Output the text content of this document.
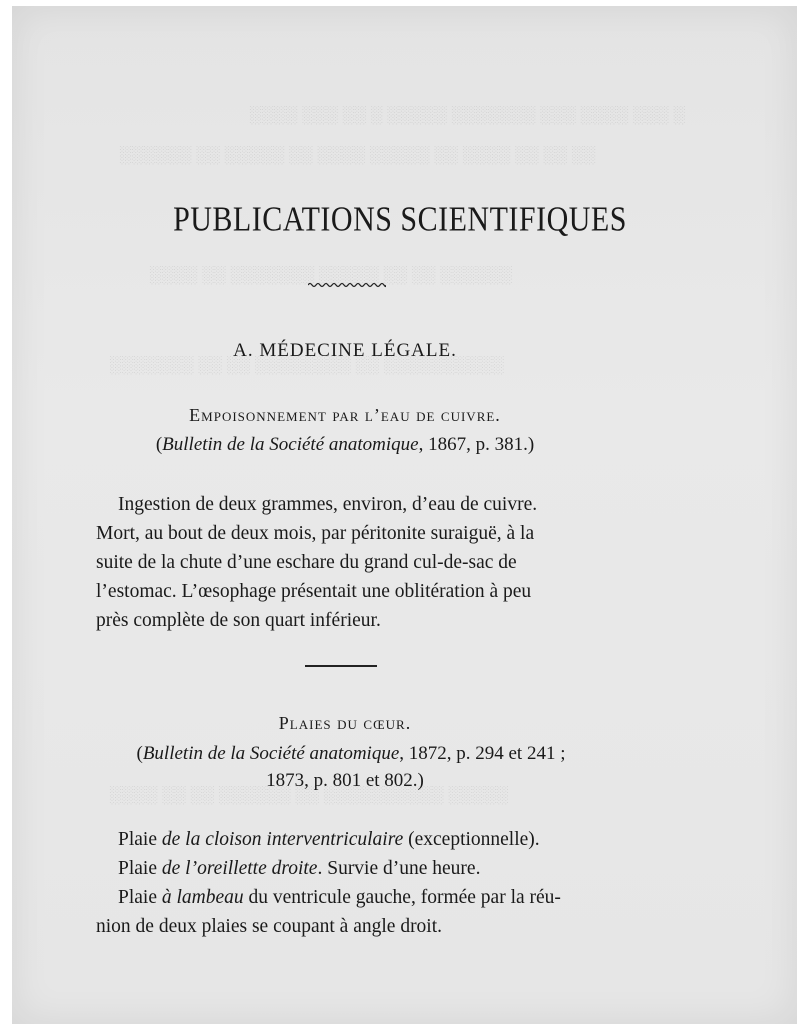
░ ░░░ ░░░░ ░░░ ░░░░░░░ ░░░░░ ░ ░░ ░░░ ░░░░
░░ ░░ ░░ ░░░░ ░░ ░░░░░ ░░░░ ░░ ░░░░░ ░░ ░░░░░░
░░░░░░ ░░ ░░ ░░░░░ ░░░░░░░ ░░ ░░░░
░░░░░░░░░░ ░░ ░░░░░░░░ ░░ ░░ ░░░░░░░
░░░░░ ░░░░░░░░░░ ░░ ░░░░░░ ░░ ░░ ░░░░
PUBLICATIONS SCIENTIFIQUES
A. MÉDECINE LÉGALE.
Empoisonnement par l’eau de cuivre.
(Bulletin de la Société anatomique, 1867, p. 381.)
Ingestion de deux grammes, environ, d’eau de cuivre.
Mort, au bout de deux mois, par péritonite suraiguë, à la
suite de la chute d’une eschare du grand cul-de-sac de
l’estomac. L’œsophage présentait une oblitération à peu
près complète de son quart inférieur.
Plaies du cœur.
(Bulletin de la Société anatomique, 1872, p. 294 et 241 ;
1873, p. 801 et 802.)
Plaie de la cloison interventriculaire (exceptionnelle).
Plaie de l’oreillette droite. Survie d’une heure.
Plaie à lambeau du ventricule gauche, formée par la réu-
nion de deux plaies se coupant à angle droit.
